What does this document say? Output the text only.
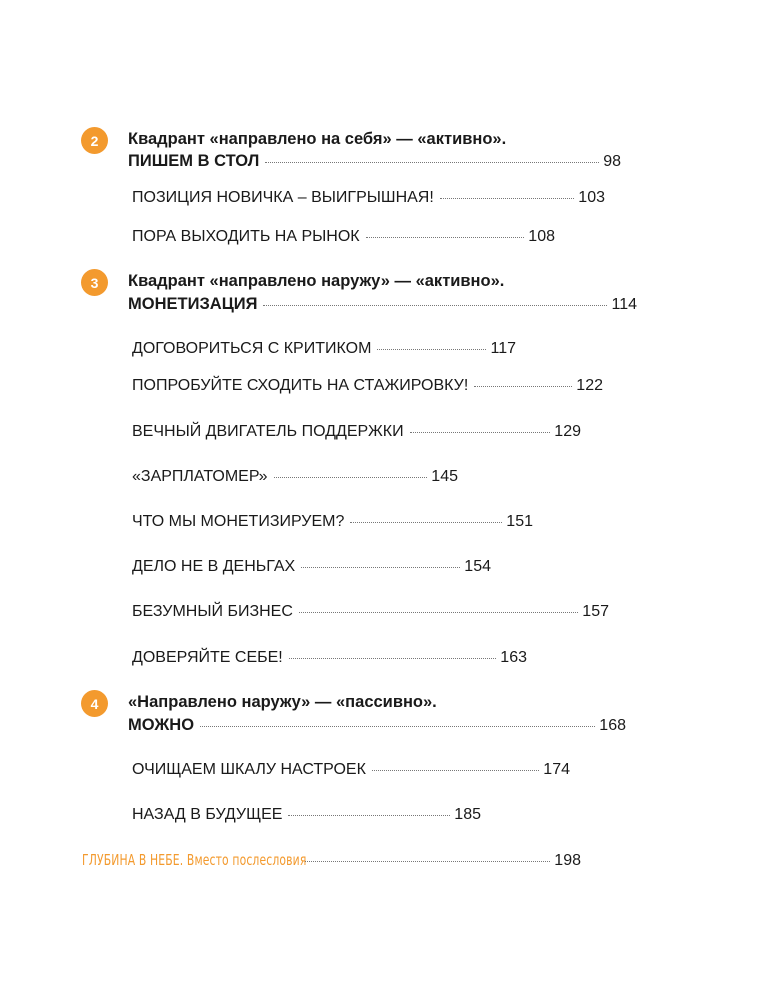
2	Квадрант «направлено на себя» — «активно».
ПИШЕМ В СТОЛ	98
ПОЗИЦИЯ НОВИЧКА – ВЫИГРЫШНАЯ!	103
ПОРА ВЫХОДИТЬ НА РЫНОК	108
3	Квадрант «направлено наружу» — «активно».
МОНЕТИЗАЦИЯ	114
ДОГОВОРИТЬСЯ С КРИТИКОМ	117
ПОПРОБУЙТЕ СХОДИТЬ НА СТАЖИРОВКУ!	122
ВЕЧНЫЙ ДВИГАТЕЛЬ ПОДДЕРЖКИ	129
«ЗАРПЛАТОМЕР»	145
ЧТО МЫ МОНЕТИЗИРУЕМ?	151
ДЕЛО НЕ В ДЕНЬГАХ	154
БЕЗУМНЫЙ БИЗНЕС	157
ДОВЕРЯЙТЕ СЕБЕ!	163
4	«Направлено наружу» — «пассивно».
МОЖНО	168
ОЧИЩАЕМ ШКАЛУ НАСТРОЕК	174
НАЗАД В БУДУЩЕЕ	185
ГЛУБИНА В НЕБЕ. Вместо послесловия	198
